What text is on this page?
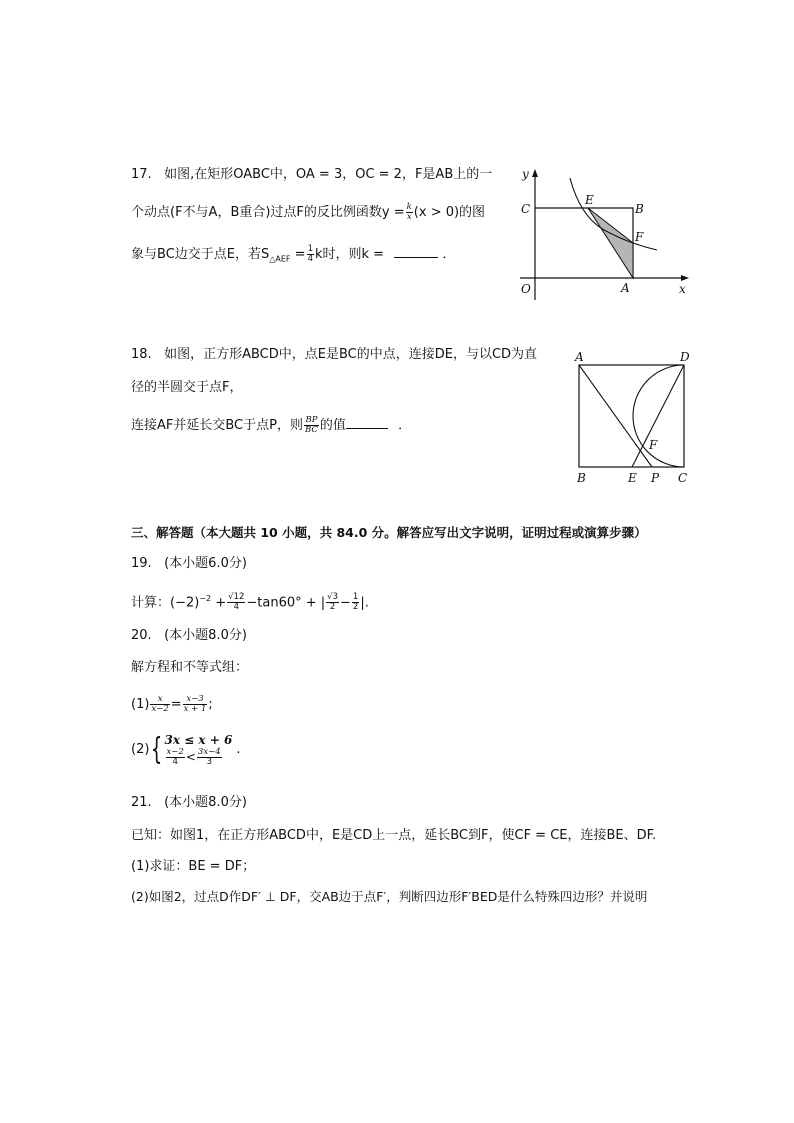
17. 如图,在矩形OABC中，OA = 3，OC = 2，F是AB上的一
个动点(F不与A，B重合)过点F的反比例函数$y = \frac{k}{x} (x > 0)$的图
象与BC边交于点E，若$S_{\triangle AEF} = \frac{1}{4}$ k时，则k =	．
y
x
O
C
E
B
F
A
18. 如图，正方形ABCD中，点E是BC的中点，连接DE，与以CD为直
径的半圆交于点F，
连接AF并延长交BC于点P，则 $\frac{BP}{BC}$ 的值	．
A	D
B	E P C
F
三、解答题（本大题共 10 小题，共 84.0 分。解答应写出文字说明，证明过程或演算步骤）
19. (本小题6.0分)
计算：$(-2)^{-2} + \frac{√12}{4} -\tan 60^\circ$ + | $\frac{√3}{2} - \frac{1}{2}$ |.
20. (本小题8.0分)
解方程和不等式组：
$(1) \frac{x}{x-2} = \frac{x-3}{x + 1}$ ;
(2){ 3x ≤ x + 6
$\frac{x-2}{4} < \frac{3x-4}{3}$ .
21. (本小题8.0分)
已知：如图1，在正方形ABCD中，E是CD上一点，延长BC到F，使CF = CE，连接BE、DF.
(1)求证：BE = DF；
(2)如图2，过点D作DF′ ⊥ DF，交AB边于点F′，判断四边形F′BED是什么特殊四边形？并说明
